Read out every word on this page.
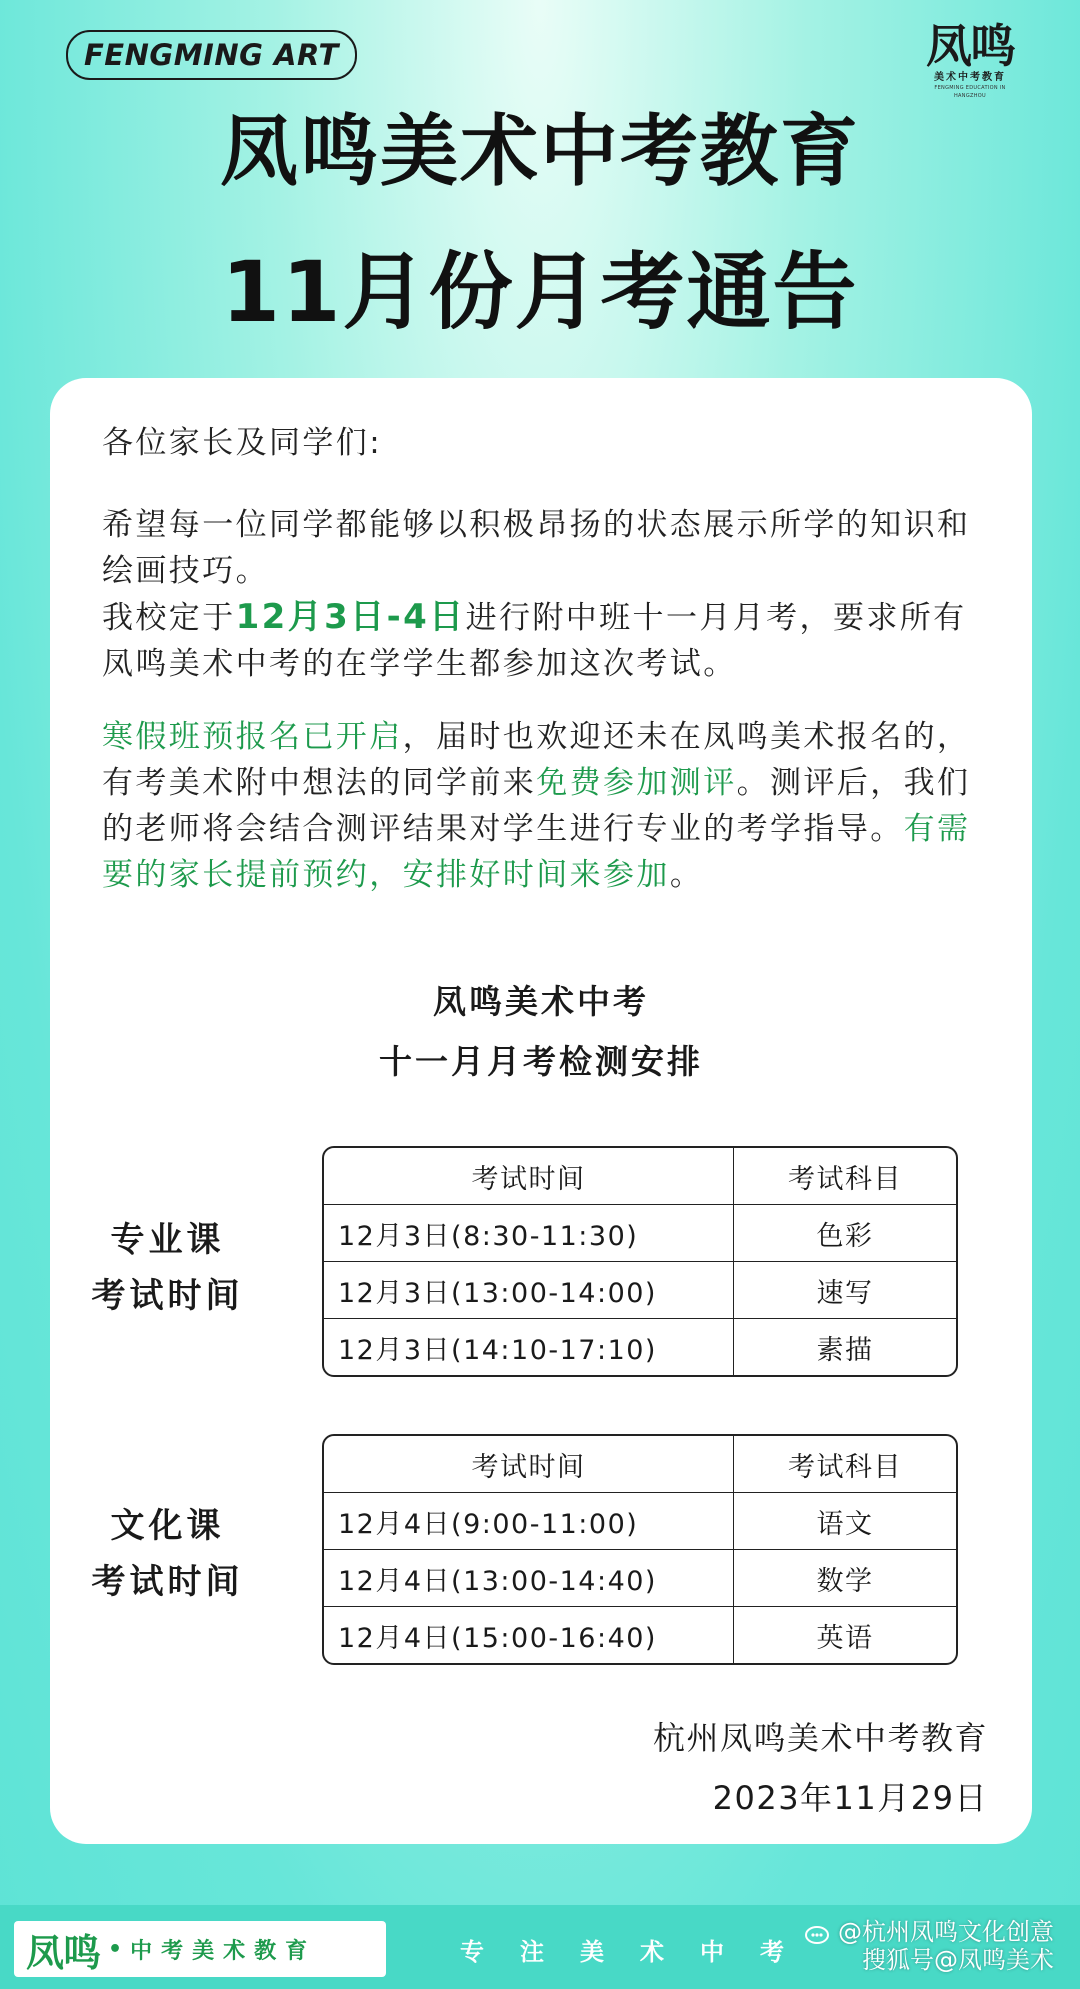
FENGMING ART	凤鸣
美术中考教育
FENGMING EDUCATION IN HANGZHOU
凤鸣美术中考教育
11月份月考通告

各位家长及同学们:

希望每一位同学都能够以积极昂扬的状态展示所学的知识和绘画技巧。

我校定于12月3日-4日进行附中班十一月月考，要求所有凤鸣美术中考的在学学生都参加这次考试。

寒假班预报名已开启，届时也欢迎还未在凤鸣美术报名的，有考美术附中想法的同学前来免费参加测评。测评后，我们的老师将会结合测评结果对学生进行专业的考学指导。有需要的家长提前预约，安排好时间来参加。

凤鸣美术中考
十一月月考检测安排
专业课
考试时间
考试时间	考试科目
12月3日(8:30-11:30)	色彩
12月3日(13:00-14:00)	速写
12月3日(14:10-17:10)	素描
文化课
考试时间
考试时间	考试科目
12月4日(9:00-11:00)	语文
12月4日(13:00-14:40)	数学
12月4日(15:00-16:40)	英语
杭州凤鸣美术中考教育
2023年11月29日
凤鸣 • 中考美术教育	专注美术中考
@杭州凤鸣文化创意
搜狐号@凤鸣美术
